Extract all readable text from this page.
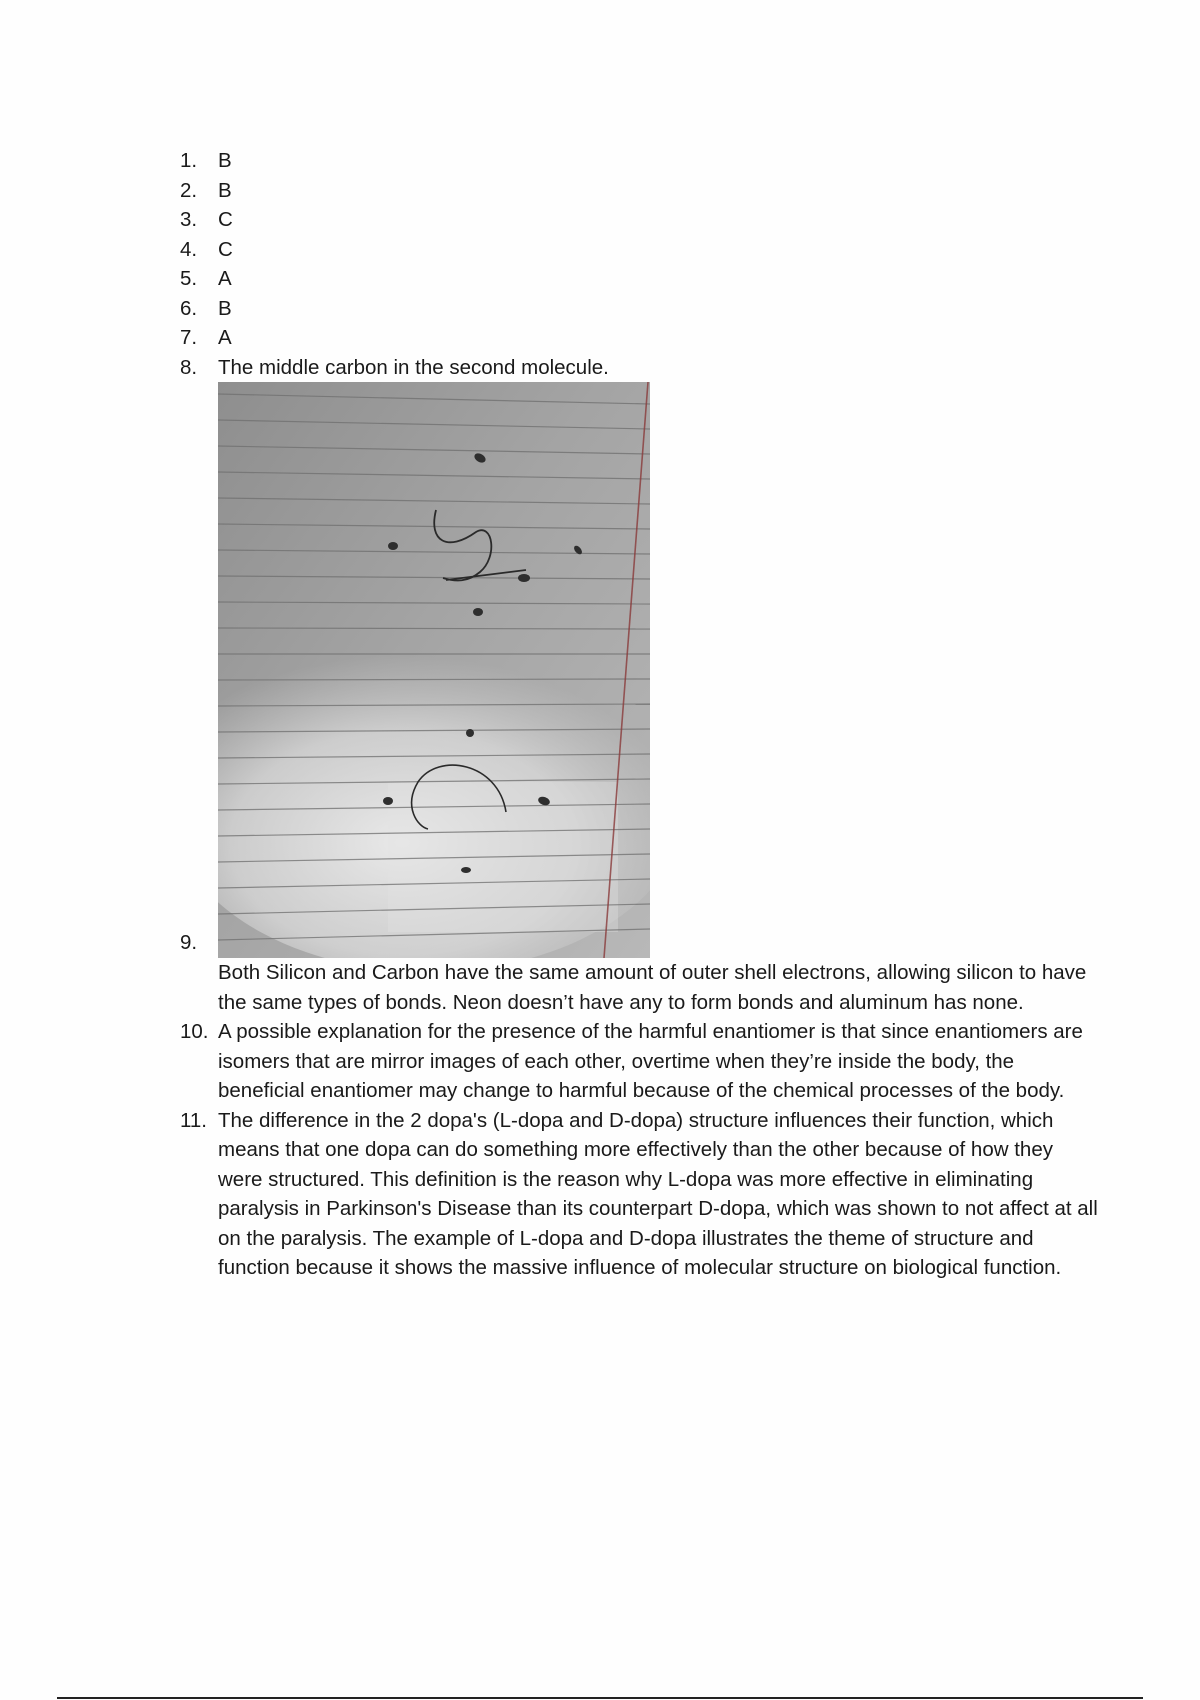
1. B
2. B
3. C
4. C
5. A
6. B
7. A
8. The middle carbon in the second molecule.
9.
Both Silicon and Carbon have the same amount of outer shell electrons, allowing silicon to have the same types of bonds. Neon doesn’t have any to form bonds and aluminum has none.
10. A possible explanation for the presence of the harmful enantiomer is that since enantiomers are isomers that are mirror images of each other, overtime when they’re inside the body, the beneficial enantiomer may change to harmful because of the chemical processes of the body.
11. The difference in the 2 dopa's (L-dopa and D-dopa) structure influences their function, which means that one dopa can do something more effectively than the other because of how they were structured. This definition is the reason why L-dopa was more effective in eliminating paralysis in Parkinson's Disease than its counterpart D-dopa, which was shown to not affect at all on the paralysis. The example of L-dopa and D-dopa illustrates the theme of structure and function because it shows the massive influence of molecular structure on biological function.
